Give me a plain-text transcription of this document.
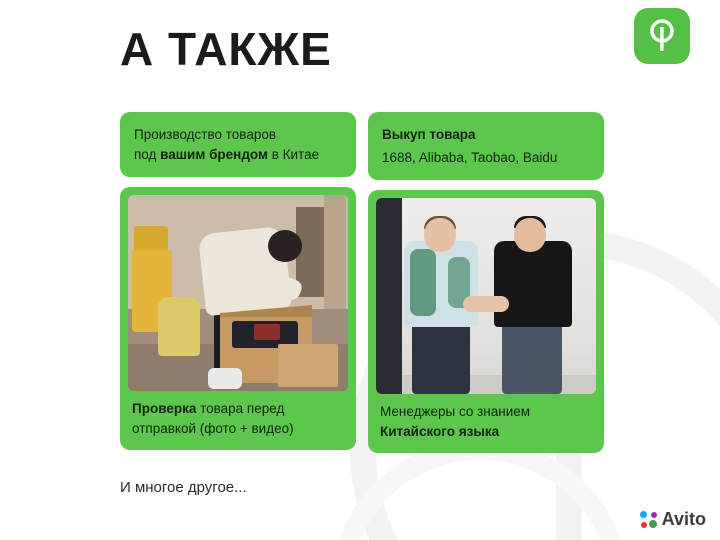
А ТАКЖЕ
Производство товаров
под вашим брендом в Китае
Проверка товара перед
отправкой (фото + видео)
Выкуп товара
1688, Alibaba, Taobao, Baidu
Менеджеры со знанием
Китайского языка
И многое другое...
Avito
